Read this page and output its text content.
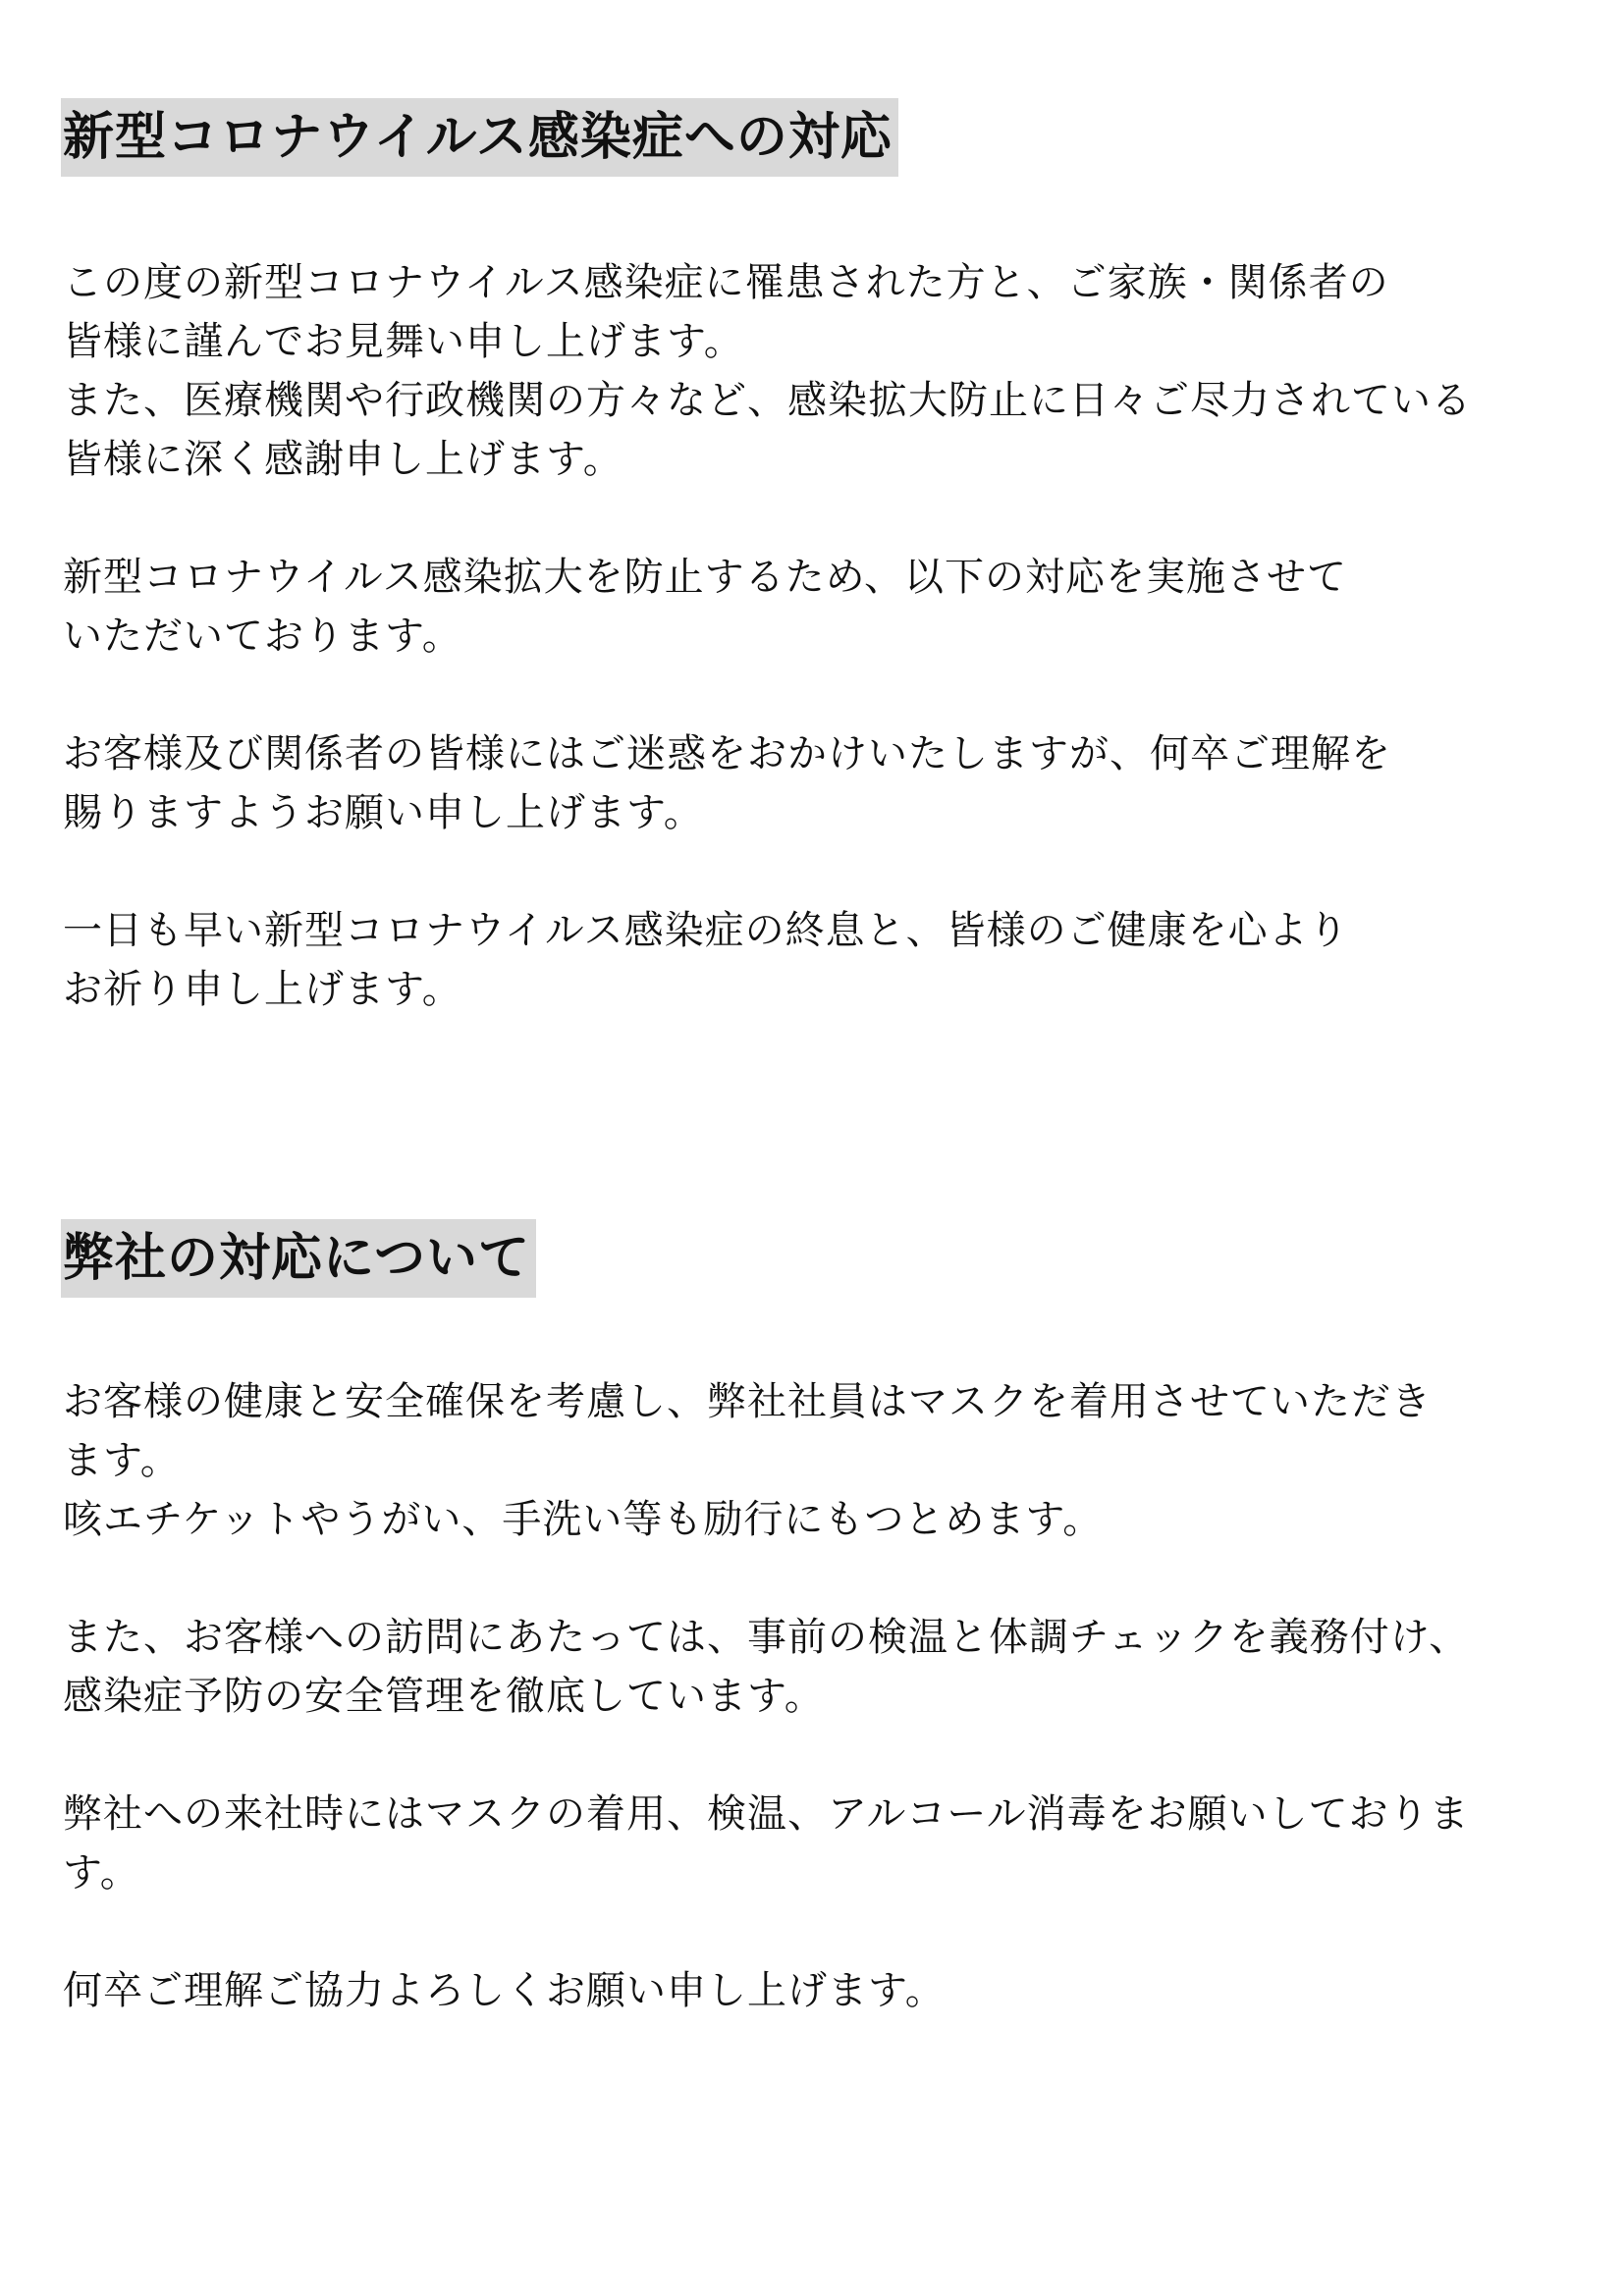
新型コロナウイルス感染症への対応
この度の新型コロナウイルス感染症に罹患された方と、ご家族・関係者の
皆様に謹んでお見舞い申し上げます。
また、医療機関や行政機関の方々など、感染拡大防止に日々ご尽力されている
皆様に深く感謝申し上げます。
新型コロナウイルス感染拡大を防止するため、以下の対応を実施させて
いただいております。
お客様及び関係者の皆様にはご迷惑をおかけいたしますが、何卒ご理解を
賜りますようお願い申し上げます。
一日も早い新型コロナウイルス感染症の終息と、皆様のご健康を心より
お祈り申し上げます。
弊社の対応について
お客様の健康と安全確保を考慮し、弊社社員はマスクを着用させていただき
ます。
咳エチケットやうがい、手洗い等も励行にもつとめます。
また、お客様への訪問にあたっては、事前の検温と体調チェックを義務付け、
感染症予防の安全管理を徹底しています。
弊社への来社時にはマスクの着用、検温、アルコール消毒をお願いしておりま
す。
何卒ご理解ご協力よろしくお願い申し上げます。
